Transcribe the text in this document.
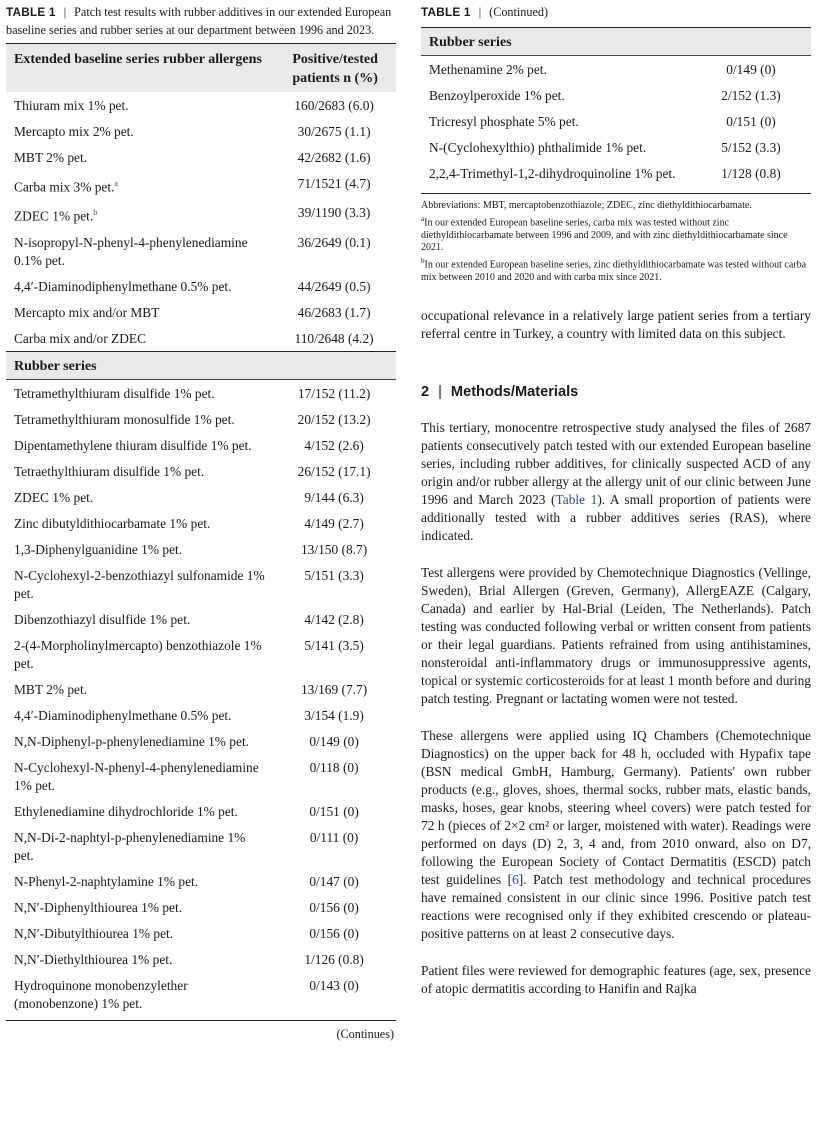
TABLE 1 | Patch test results with rubber additives in our extended European baseline series and rubber series at our department between 1996 and 2023.
Extended baseline series rubber allergens	Positive/tested patients n (%)
Thiuram mix 1% pet.	160/2683 (6.0)
Mercapto mix 2% pet.	30/2675 (1.1)
MBT 2% pet.	42/2682 (1.6)
Carba mix 3% pet.$^a$	71/1521 (4.7)
ZDEC 1% pet.$^b$	39/1190 (3.3)
N-isopropyl-N-phenyl-4-phenylenediamine 0.1% pet.	36/2649 (0.1)
4,4′-Diaminodiphenylmethane 0.5% pet.	44/2649 (0.5)
Mercapto mix and/or MBT	46/2683 (1.7)
Carba mix and/or ZDEC	110/2648 (4.2)
Rubber series	
Tetramethylthiuram disulfide 1% pet.	17/152 (11.2)
Tetramethylthiuram monosulfide 1% pet.	20/152 (13.2)
Dipentamethylene thiuram disulfide 1% pet.	4/152 (2.6)
Tetraethylthiuram disulfide 1% pet.	26/152 (17.1)
ZDEC 1% pet.	9/144 (6.3)
Zinc dibutyldithiocarbamate 1% pet.	4/149 (2.7)
1,3-Diphenylguanidine 1% pet.	13/150 (8.7)
N-Cyclohexyl-2-benzothiazyl sulfonamide 1% pet.	5/151 (3.3)
Dibenzothiazyl disulfide 1% pet.	4/142 (2.8)
2-(4-Morpholinylmercapto) benzothiazole 1% pet.	5/141 (3.5)
MBT 2% pet.	13/169 (7.7)
4,4′-Diaminodiphenylmethane 0.5% pet.	3/154 (1.9)
N,N-Diphenyl-p-phenylenediamine 1% pet.	0/149 (0)
N-Cyclohexyl-N-phenyl-4-phenylenediamine 1% pet.	0/118 (0)
Ethylenediamine dihydrochloride 1% pet.	0/151 (0)
N,N-Di-2-naphtyl-p-phenylenediamine 1% pet.	0/111 (0)
N-Phenyl-2-naphtylamine 1% pet.	0/147 (0)
N,N′-Diphenylthiourea 1% pet.	0/156 (0)
N,N′-Dibutylthiourea 1% pet.	0/156 (0)
N,N′-Diethylthiourea 1% pet.	1/126 (0.8)
Hydroquinone monobenzylether (monobenzone) 1% pet.	0/143 (0)
(Continues)
TABLE 1 | (Continued)
Rubber series	
Methenamine 2% pet.	0/149 (0)
Benzoylperoxide 1% pet.	2/152 (1.3)
Tricresyl phosphate 5% pet.	0/151 (0)
N-(Cyclohexylthio) phthalimide 1% pet.	5/152 (3.3)
2,2,4-Trimethyl-1,2-dihydroquinoline 1% pet.	1/128 (0.8)
Abbreviations: MBT, mercaptobenzothiazole; ZDEC, zinc diethyldithiocarbamate.
$^a$In our extended European baseline series, carba mix was tested without zinc diethyldithiocarbamate between 1996 and 2009, and with zinc diethyldithiocarbamate since 2021.
$^b$In our extended European baseline series, zinc diethyldithiocarbamate was tested without carba mix between 2010 and 2020 and with carba mix since 2021.

occupational relevance in a relatively large patient series from a tertiary referral centre in Turkey, a country with limited data on this subject.

2 | Methods/Materials

This tertiary, monocentre retrospective study analysed the files of 2687 patients consecutively patch tested with our extended European baseline series, including rubber additives, for clinically suspected ACD of any origin and/or rubber allergy at the allergy unit of our clinic between June 1996 and March 2023 (Table 1). A small proportion of patients were additionally tested with a rubber additives series (RAS), where indicated.

Test allergens were provided by Chemotechnique Diagnostics (Vellinge, Sweden), Brial Allergen (Greven, Germany), AllergEAZE (Calgary, Canada) and earlier by Hal-Brial (Leiden, The Netherlands). Patch testing was conducted following verbal or written consent from patients or their legal guardians. Patients refrained from using antihistamines, nonsteroidal anti-inflammatory drugs or immunosuppressive agents, topical or systemic corticosteroids for at least 1 month before and during patch testing. Pregnant or lactating women were not tested.

These allergens were applied using IQ Chambers (Chemotechnique Diagnostics) on the upper back for 48 h, occluded with Hypafix tape (BSN medical GmbH, Hamburg, Germany). Patients' own rubber products (e.g., gloves, shoes, thermal socks, rubber mats, elastic bands, masks, hoses, gear knobs, steering wheel covers) were patch tested for 72 h (pieces of 2×2 cm² or larger, moistened with water). Readings were performed on days (D) 2, 3, 4 and, from 2010 onward, also on D7, following the European Society of Contact Dermatitis (ESCD) patch test guidelines [6]. Patch test methodology and technical procedures have remained consistent in our clinic since 1996. Positive patch test reactions were recognised only if they exhibited crescendo or plateau-positive patterns on at least 2 consecutive days.

Patient files were reviewed for demographic features (age, sex, presence of atopic dermatitis according to Hanifin and Rajka
